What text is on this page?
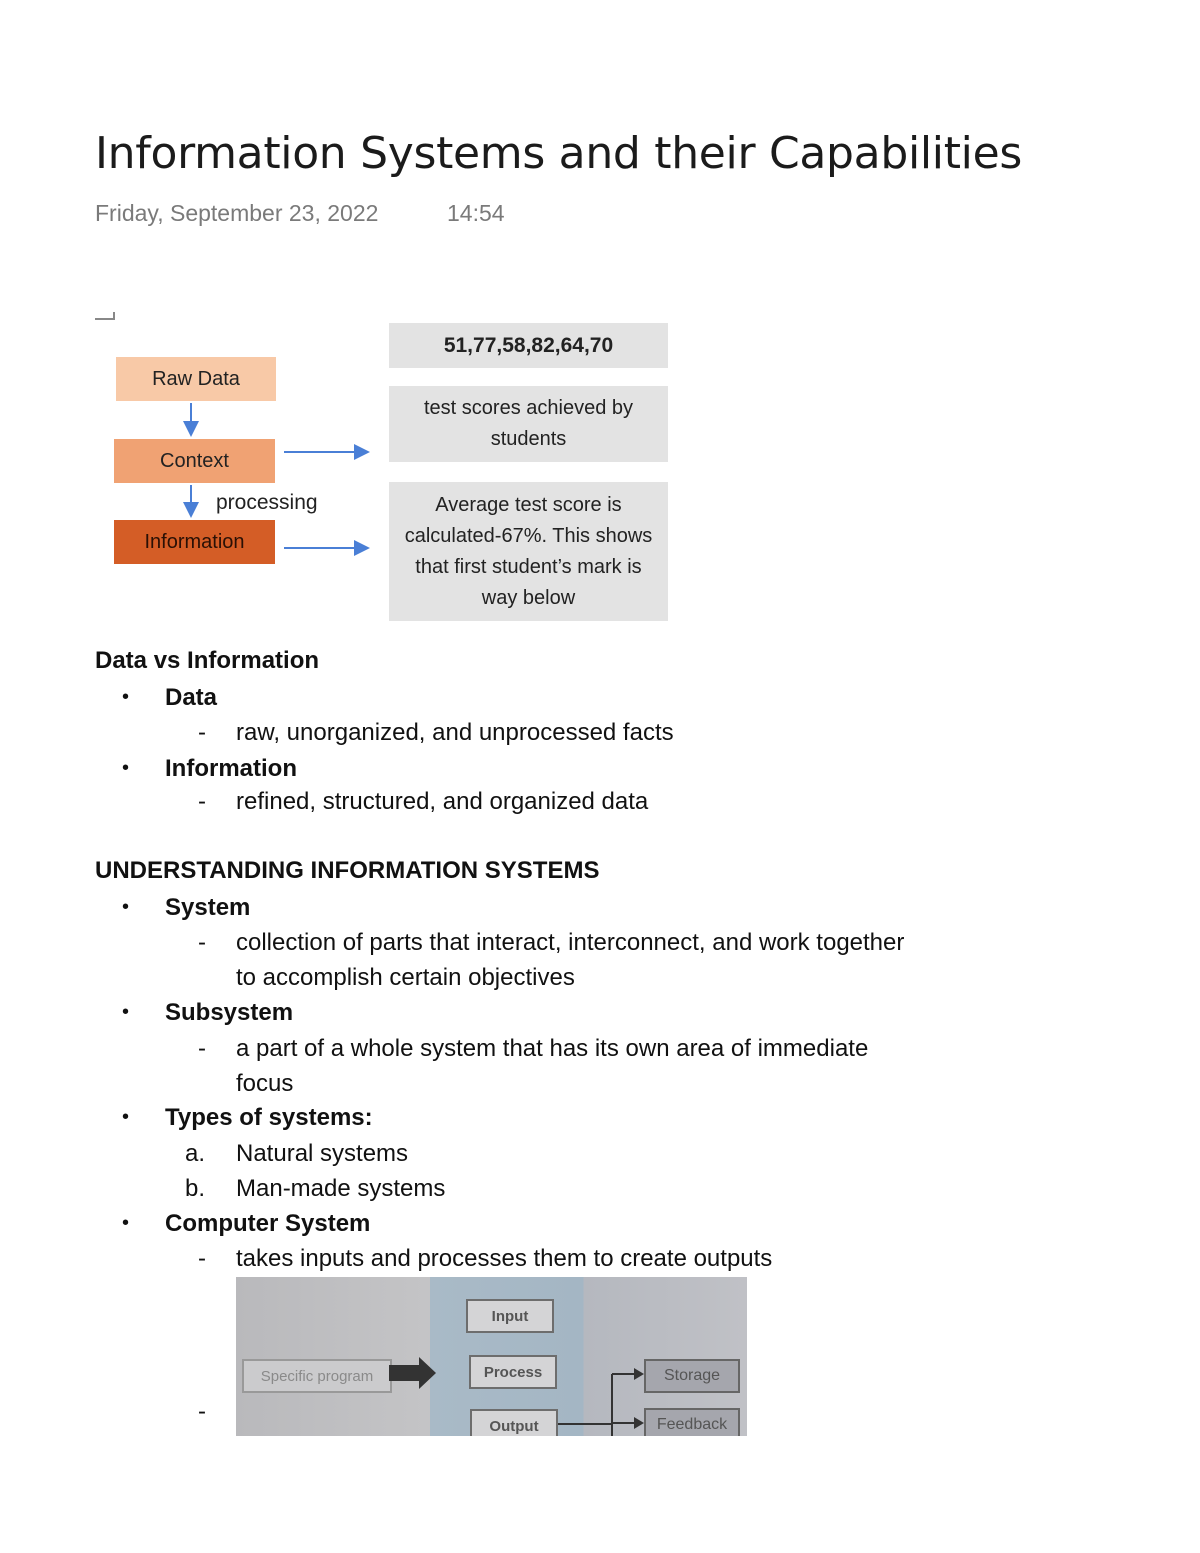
Information Systems and their Capabilities
Friday, September 23, 2022	14:54
Raw Data
Context
Information
processing
51,77,58,82,64,70
test scores achieved by students
Average test score is calculated-67%. This shows that first student’s mark is way below
Data vs Information
• Data
- raw, unorganized, and unprocessed facts
• Information
- refined, structured, and organized data
UNDERSTANDING INFORMATION SYSTEMS
• System
- collection of parts that interact, interconnect, and work together
to accomplish certain objectives
• Subsystem
- a part of a whole system that has its own area of immediate
focus
• Types of systems:
a. Natural systems
b. Man-made systems
• Computer System
- takes inputs and processes them to create outputs
-
Specific program
Input
Process
Output
Storage
Feedback
